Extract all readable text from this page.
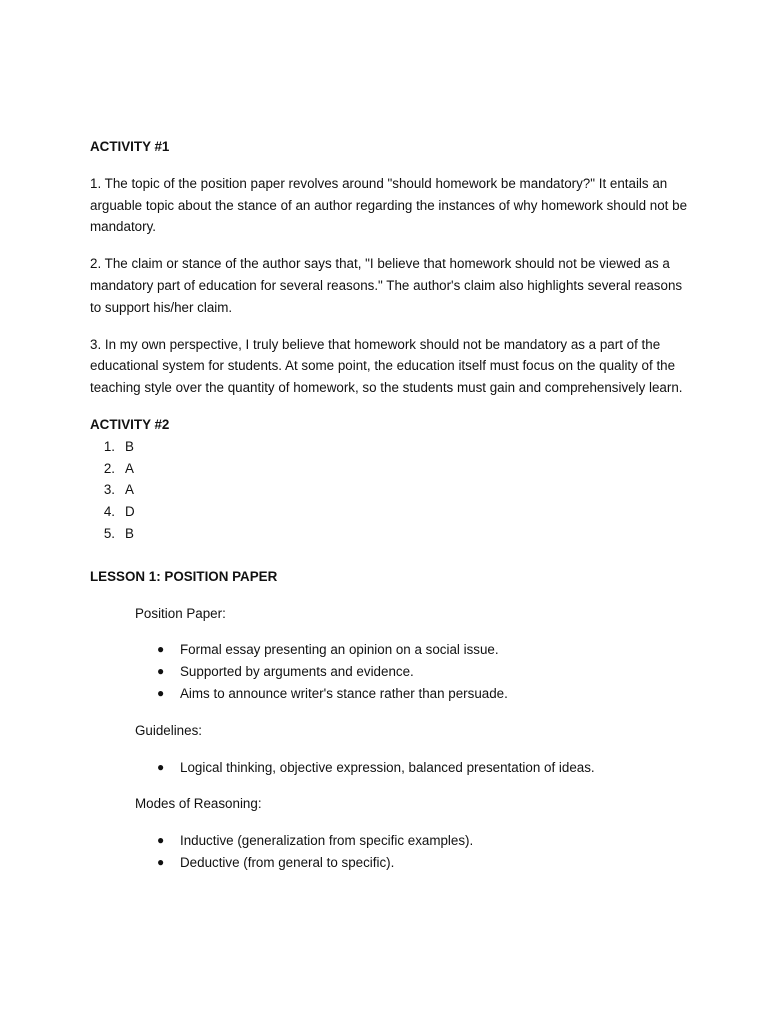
ACTIVITY #1

1. The topic of the position paper revolves around "should homework be mandatory?" It entails an arguable topic about the stance of an author regarding the instances of why homework should not be mandatory.

2. The claim or stance of the author says that, "I believe that homework should not be viewed as a mandatory part of education for several reasons." The author's claim also highlights several reasons to support his/her claim.

3. In my own perspective, I truly believe that homework should not be mandatory as a part of the educational system for students. At some point, the education itself must focus on the quality of the teaching style over the quantity of homework, so the students must gain and comprehensively learn.

ACTIVITY #2
1. B
2. A
3. A
4. D
5. B
LESSON 1: POSITION PAPER
Position Paper:
●	Formal essay presenting an opinion on a social issue.
●	Supported by arguments and evidence.
●	Aims to announce writer's stance rather than persuade.
Guidelines:
●	Logical thinking, objective expression, balanced presentation of ideas.
Modes of Reasoning:
●	Inductive (generalization from specific examples).
●	Deductive (from general to specific).
